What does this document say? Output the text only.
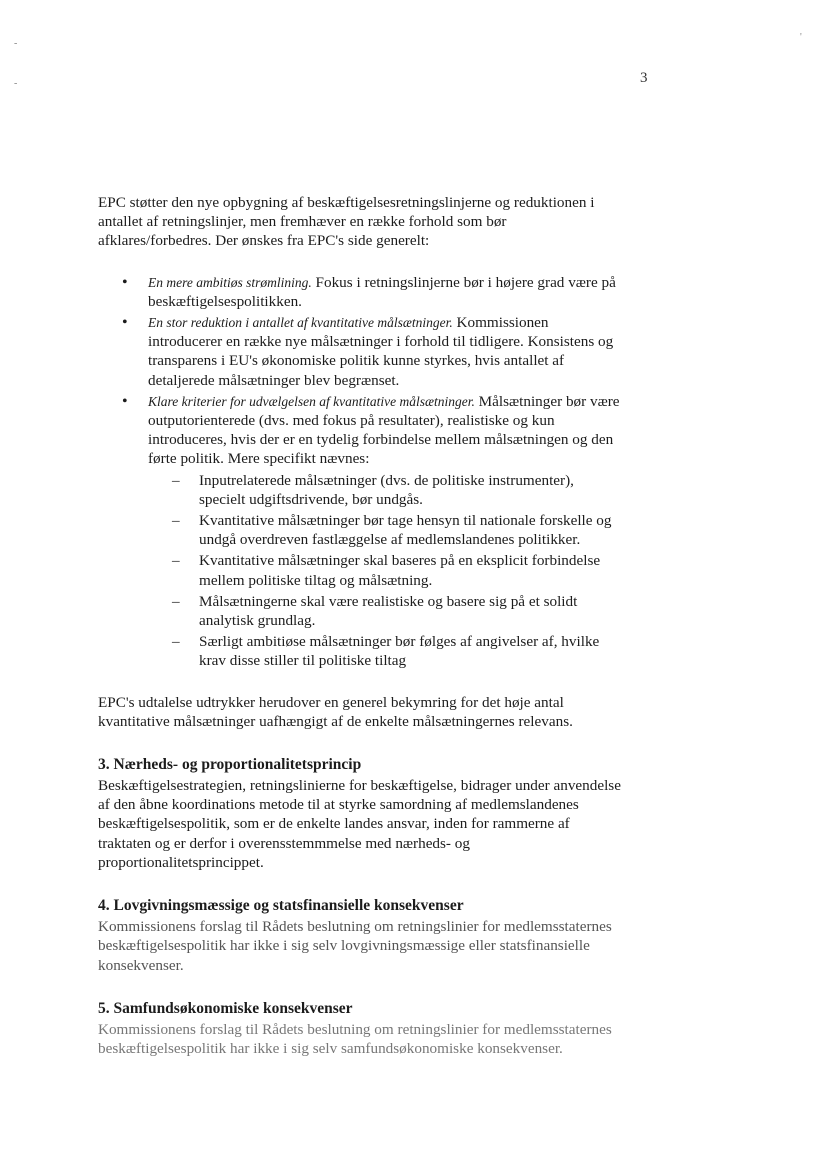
-
-
'
3

EPC støtter den nye opbygning af beskæftigelsesretningslinjerne og reduktionen i antallet af retningslinjer, men fremhæver en række forhold som bør afklares/forbedres. Der ønskes fra EPC's side generelt:

• En mere ambitiøs strømlining. Fokus i retningslinjerne bør i højere grad være på beskæftigelsespolitikken.
• En stor reduktion i antallet af kvantitative målsætninger. Kommissionen introducerer en række nye målsætninger i forhold til tidligere. Konsistens og transparens i EU's økonomiske politik kunne styrkes, hvis antallet af detaljerede målsætninger blev begrænset.
• Klare kriterier for udvælgelsen af kvantitative målsætninger. Målsætninger bør være outputorienterede (dvs. med fokus på resultater), realistiske og kun introduceres, hvis der er en tydelig forbindelse mellem målsætningen og den førte politik. Mere specifikt nævnes:
– Inputrelaterede målsætninger (dvs. de politiske instrumenter), specielt udgiftsdrivende, bør undgås.
– Kvantitative målsætninger bør tage hensyn til nationale forskelle og undgå overdreven fastlæggelse af medlemslandenes politikker.
– Kvantitative målsætninger skal baseres på en eksplicit forbindelse mellem politiske tiltag og målsætning.
– Målsætningerne skal være realistiske og basere sig på et solidt analytisk grundlag.
– Særligt ambitiøse målsætninger bør følges af angivelser af, hvilke krav disse stiller til politiske tiltag

EPC's udtalelse udtrykker herudover en generel bekymring for det høje antal kvantitative målsætninger uafhængigt af de enkelte målsætningernes relevans.

3. Nærheds- og proportionalitetsprincip

Beskæftigelsestrategien, retningslinierne for beskæftigelse, bidrager under anvendelse af den åbne koordinations metode til at styrke samordning af medlemslandenes beskæftigelsespolitik, som er de enkelte landes ansvar, inden for rammerne af traktaten og er derfor i overensstemmmelse med nærheds- og proportionalitetsprincippet.

4. Lovgivningsmæssige og statsfinansielle konsekvenser

Kommissionens forslag til Rådets beslutning om retningslinier for medlemsstaternes beskæftigelsespolitik har ikke i sig selv lovgivningsmæssige eller statsfinansielle konsekvenser.

5. Samfundsøkonomiske konsekvenser

Kommissionens forslag til Rådets beslutning om retningslinier for medlemsstaternes beskæftigelsespolitik har ikke i sig selv samfundsøkonomiske konsekvenser.
